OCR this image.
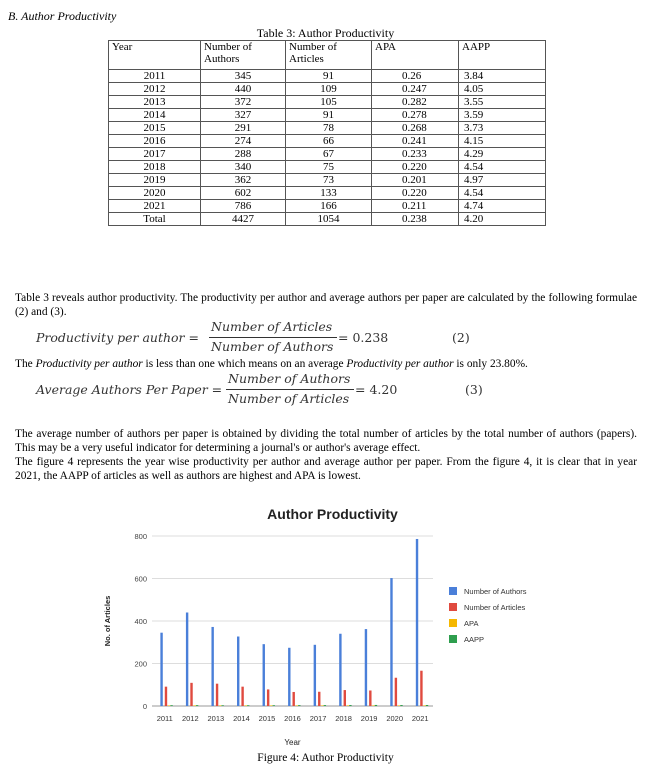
B. Author Productivity
Table 3: Author Productivity
Year	Number of Authors	Number of Articles	APA	AAPP
2011	345	91	0.26	3.84
2012	440	109	0.247	4.05
2013	372	105	0.282	3.55
2014	327	91	0.278	3.59
2015	291	78	0.268	3.73
2016	274	66	0.241	4.15
2017	288	67	0.233	4.29
2018	340	75	0.220	4.54
2019	362	73	0.201	4.97
2020	602	133	0.220	4.54
2021	786	166	0.211	4.74
Total	4427	1054	0.238	4.20

Table 3 reveals author productivity. The productivity per author and average authors per paper are calculated by the following formulae (2) and (3).

Productivity per author =
Number of Articles
Number of Authors
= 0.238	(2)

The Productivity per author is less than one which means on an average Productivity per author is only 23.80%.

Average Authors Per Paper =
Number of Authors
Number of Articles
= 4.20	(3)

The average number of authors per paper is obtained by dividing the total number of articles by the total number of authors (papers). This may be a very useful indicator for determining a journal's or author's average effect.

The figure 4 represents the year wise productivity per author and average author per paper. From the figure 4, it is clear that in year 2021, the AAPP of articles as well as authors are highest and APA is lowest.

Author Productivity
0
200
400
600
800
2011 2012 2013 2014 2015 2016 2017 2018 2019 2020 2021
Year
No. of Articles
Number of Authors
Number of Articles
APA
AAPP
Figure 4: Author Productivity
